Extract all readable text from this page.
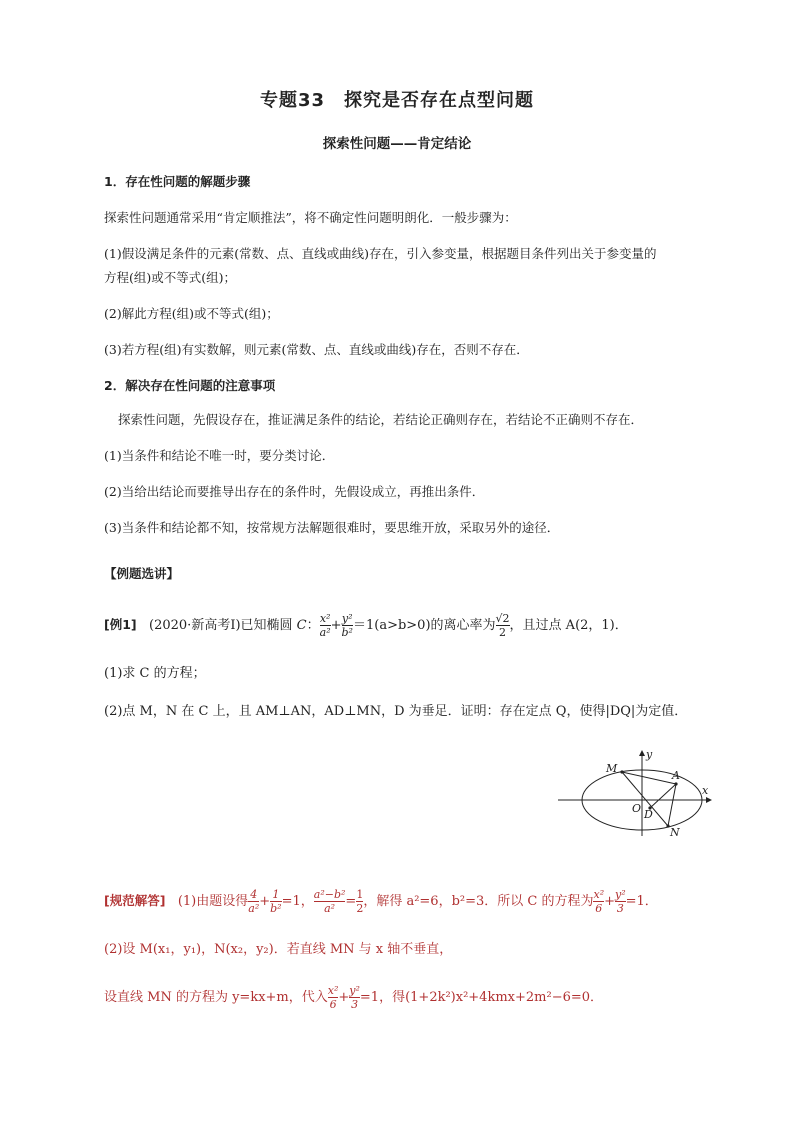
专题33　探究是否存在点型问题
探索性问题——肯定结论
1．存在性问题的解题步骤
探索性问题通常采用“肯定顺推法”，将不确定性问题明朗化．一般步骤为：
(1)假设满足条件的元素(常数、点、直线或曲线)存在，引入参变量，根据题目条件列出关于参变量的
方程(组)或不等式(组)；
(2)解此方程(组)或不等式(组)；
(3)若方程(组)有实数解，则元素(常数、点、直线或曲线)存在，否则不存在．
2．解决存在性问题的注意事项
探索性问题，先假设存在，推证满足条件的结论，若结论正确则存在，若结论不正确则不存在．
(1)当条件和结论不唯一时，要分类讨论．
(2)当给出结论而要推导出存在的条件时，先假设成立，再推出条件．
(3)当条件和结论都不知，按常规方法解题很难时，要思维开放，采取另外的途径．
【例题选讲】
[例1] (2020·新高考Ⅰ)已知椭圆 C： $\frac{\text{x²}}{\text{a²}} + \frac{\text{y²}}{\text{b²}} =1(a>b>0)$的离心率为 $\frac{√2}{2}$ ，且过点 A(2，1)．
(1)求 C 的方程；
(2)点 M，N 在 C 上，且 AM⊥AN，AD⊥MN，D 为垂足．证明：存在定点 Q，使得|DQ|为定值．
y
x
M
A
O D
N
[规范解答] (1)由题设得 $\frac{4}{\text{a²}} + \frac{1}{\text{b²}} =1$， $\frac{\text{a²−b²}}{\text{a²}} = \frac{1}{2}$ ，解得 a²=6，b²=3．所以 C 的方程为 $\frac{\text{x²}}{6} + \frac{\text{y²}}{3} =1$．
(2)设 M(x₁，y₁)，N(x₂，y₂)．若直线 MN 与 x 轴不垂直，
设直线 MN 的方程为 y=kx+m，代入 $\frac{\text{x²}}{6} + \frac{\text{y²}}{3} =1$，得(1+2k²)x²+4kmx+2m²−6=0．
